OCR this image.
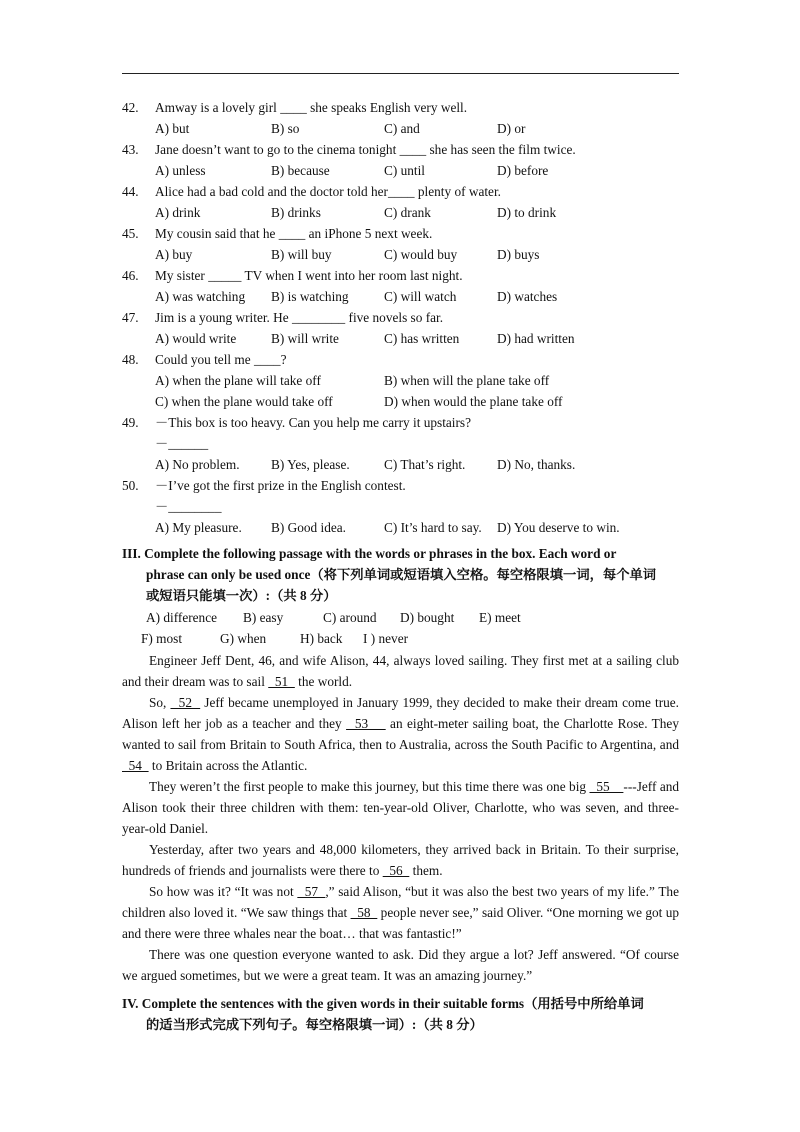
42. Amway is a lovely girl ____ she speaks English very well.
A) but	B) so	C) and	D) or
43. Jane doesn’t want to go to the cinema tonight ____ she has seen the film twice.
A) unless	B) because	C) until	D) before
44. Alice had a bad cold and the doctor told her____ plenty of water.
A) drink	B) drinks	C) drank	D) to drink
45. My cousin said that he ____ an iPhone 5 next week.
A) buy	B) will buy	C) would buy	D) buys
46. My sister _____ TV when I went into her room last night.
A) was watching B) is watching	C) will watch	D) watches
47. Jim is a young writer. He ________ five novels so far.
A) would write	B) will write	C) has written	D) had written
48. Could you tell me ____?
A) when the plane will take off	B) when will the plane take off
C) when the plane would take off	D) when would the plane take off
49. －This box is too heavy. Can you help me carry it upstairs?
－______
A) No problem. B) Yes, please.	C) That’s right. D) No, thanks.
50. －I’ve got the first prize in the English contest.
－________
A) My pleasure. B) Good idea.	C) It’s hard to say. D) You deserve to win.
III. Complete the following passage with the words or phrases in the box. Each word or
phrase can only be used once（将下列单词或短语填入空格。每空格限填一词，每个单词
或短语只能填一次）:（共 8 分）
A) difference B) easy	C) around D) bought E) meet
F) most	G) when	H) back I ) never

Engineer Jeff Dent, 46, and wife Alison, 44, always loved sailing. They first met at a sailing club and their dream was to sail   51   the world.

So,   52   Jeff became unemployed in January 1999, they decided to make their dream come true. Alison left her job as a teacher and they   53     an eight-meter sailing boat, the Charlotte Rose. They wanted to sail from Britain to South Africa, then to Australia, across the South Pacific to Argentina, and   54   to Britain across the Atlantic.

They weren’t the first people to make this journey, but this time there was one big   55    ---Jeff and Alison took their three children with them: ten-year-old Oliver, Charlotte, who was seven, and three-year-old Daniel.

Yesterday, after two years and 48,000 kilometers, they arrived back in Britain. To their surprise, hundreds of friends and journalists were there to   56   them.

So how was it? “It was not   57  ,” said Alison, “but it was also the best two years of my life.” The children also loved it. “We saw things that   58   people never see,” said Oliver. “One morning we got up and there were three whales near the boat… that was fantastic!”

There was one question everyone wanted to ask. Did they argue a lot? Jeff answered. “Of course we argued sometimes, but we were a great team. It was an amazing journey.”

IV. Complete the sentences with the given words in their suitable forms（用括号中所给单词
的适当形式完成下列句子。每空格限填一词）:（共 8 分）
